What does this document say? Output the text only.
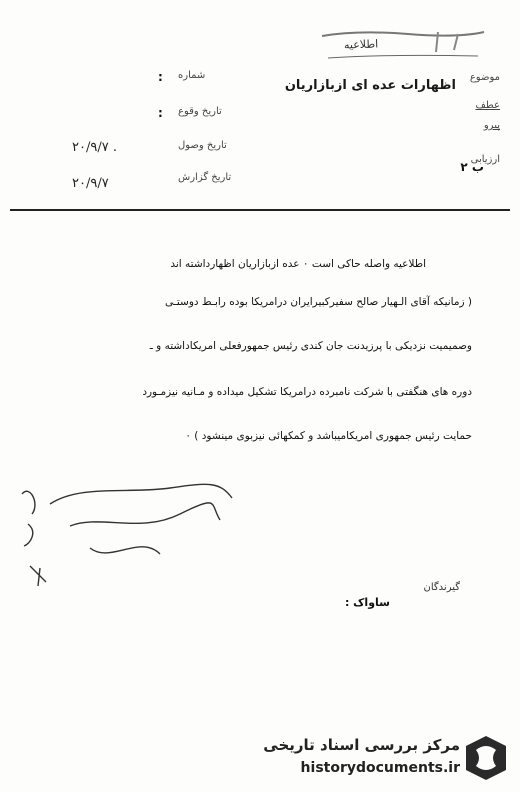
اطلاعیه
موضوع
اظهارات عده ای ازبازاریان
عطف
پیرو
ارزیابی
ب ۲
شماره
:
تاریخ وقوع
:
تاریخ وصول
۲۰/۹/۷ .
تاریخ گزارش
۲۰/۹/۷
اطلاعیه واصله حاکی است ۰ عده ازبازاریان اظهارداشته اند
( زمانیکه آقای الـهیار صالح سفیرکبیرایران درامریکا بوده رابـط دوستـی
وصمیمیت نزدیکی با پرزیدنت جان کندی رئیس جمهورفعلی امریکاداشته و ـ
دوره های هنگفتی با شرکت نامبرده درامریکا تشکیل میداده و مـانیه نیزمـورد
حمایت رئیس جمهوری امریکامیباشد و کمکهائی نیزبوی مینشود ) ۰
گیرندگان
: ساواک
مرکز بررسی اسناد تاریخی
historydocuments.ir
